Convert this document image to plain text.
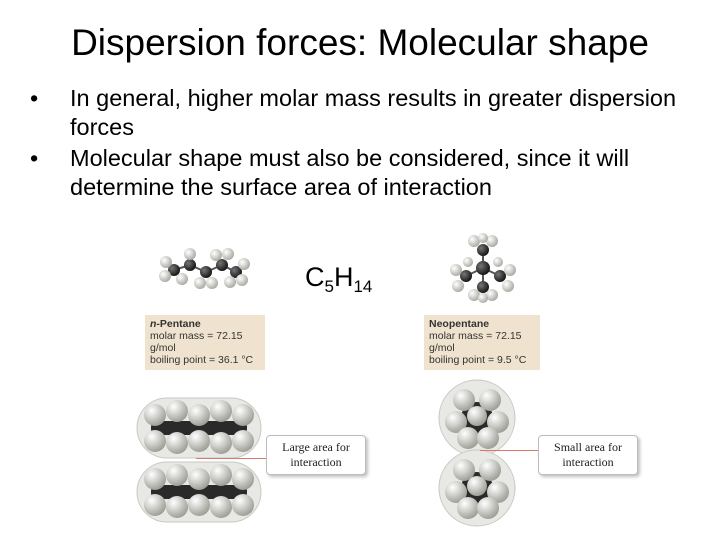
Dispersion forces: Molecular shape
• In general, higher molar mass results in greater dispersion forces
• Molecular shape must also be considered, since it will determine the surface area of interaction
$C_5H_{14}$
n-Pentane
molar mass = 72.15 g/mol
boiling point = 36.1 °C
Neopentane
molar mass = 72.15 g/mol
boiling point = 9.5 °C
Large area for
interaction
Small area for
interaction
